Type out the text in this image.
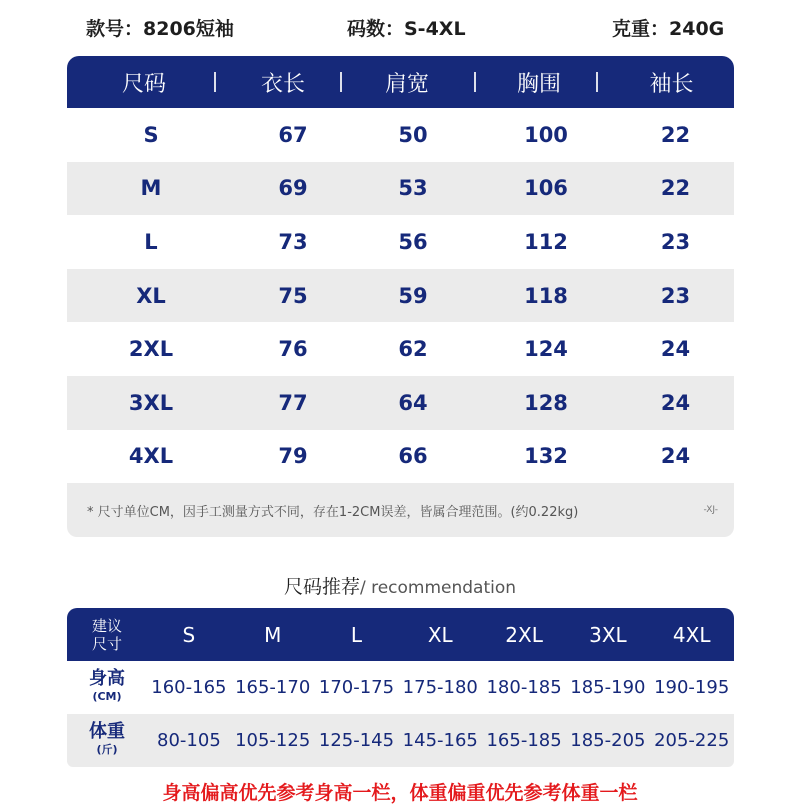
款号：8206短袖	码数：S-4XL	克重：240G
尺码	衣长	肩宽	胸围	袖长
S	67	50	100	22
M	69	53	106	22
L	73	56	112	23
XL	75	59	118	23
2XL	76	62	124	24
3XL	77	64	128	24
4XL	79	66	132	24
* 尺寸单位CM，因手工测量方式不同，存在1-2CM误差，皆属合理范围。(约0.22kg)	-XJ-
尺码推荐/ recommendation
建议
尺寸	S	M	L	XL	2XL	3XL	4XL
身高
(CM)	160-165 165-170 170-175 175-180 180-185 185-190 190-195
体重
(斤)	80-105 105-125 125-145 145-165 165-185 185-205 205-225
身高偏高优先参考身高一栏，体重偏重优先参考体重一栏
